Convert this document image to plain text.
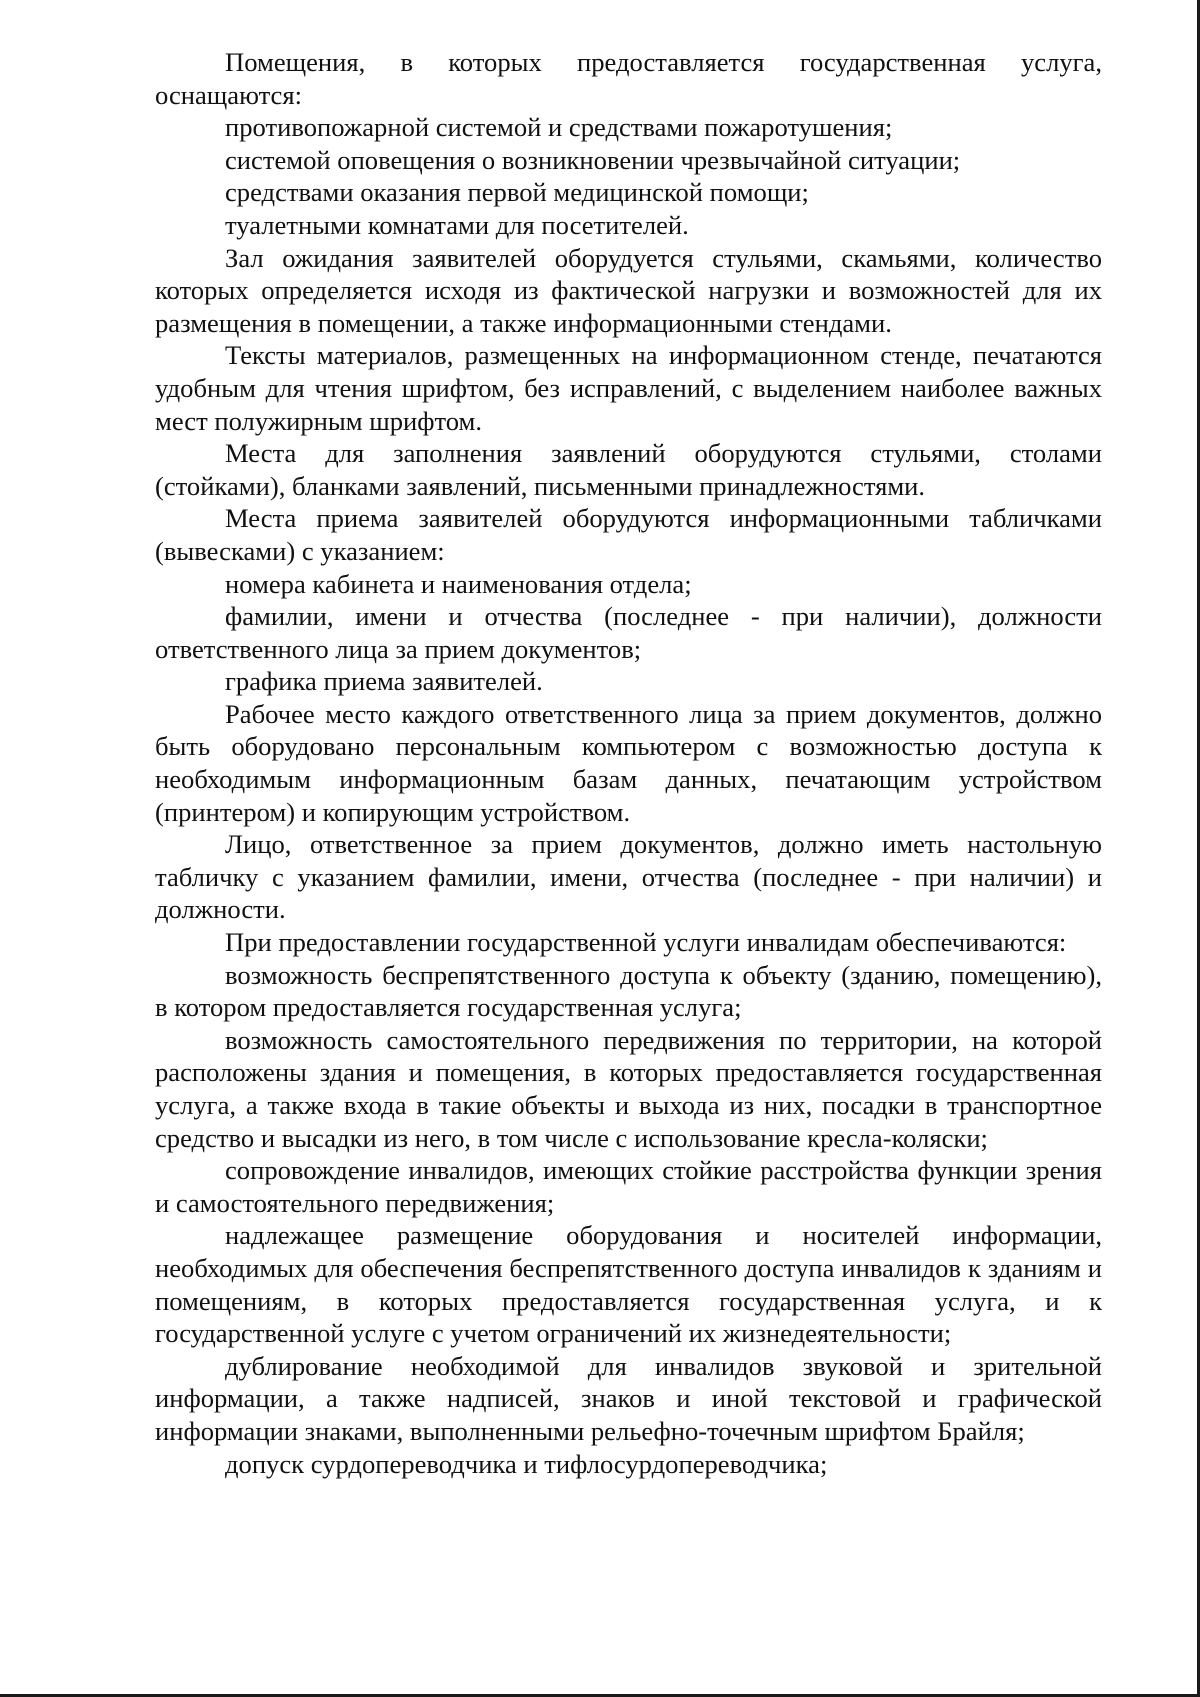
Помещения, в которых предоставляется государственная услуга, оснащаются:

противопожарной системой и средствами пожаротушения;

системой оповещения о возникновении чрезвычайной ситуации;

средствами оказания первой медицинской помощи;

туалетными комнатами для посетителей.

Зал ожидания заявителей оборудуется стульями, скамьями, количество которых определяется исходя из фактической нагрузки и возможностей для их размещения в помещении, а также информационными стендами.

Тексты материалов, размещенных на информационном стенде, печатаются удобным для чтения шрифтом, без исправлений, с выделением наиболее важных мест полужирным шрифтом.

Места для заполнения заявлений оборудуются стульями, столами (стойками), бланками заявлений, письменными принадлежностями.

Места приема заявителей оборудуются информационными табличками (вывесками) с указанием:

номера кабинета и наименования отдела;

фамилии, имени и отчества (последнее - при наличии), должности ответственного лица за прием документов;

графика приема заявителей.

Рабочее место каждого ответственного лица за прием документов, должно быть оборудовано персональным компьютером с возможностью доступа к необходимым информационным базам данных, печатающим устройством (принтером) и копирующим устройством.

Лицо, ответственное за прием документов, должно иметь настольную табличку с указанием фамилии, имени, отчества (последнее - при наличии) и должности.

При предоставлении государственной услуги инвалидам обеспечиваются:

возможность беспрепятственного доступа к объекту (зданию, помещению), в котором предоставляется государственная услуга;

возможность самостоятельного передвижения по территории, на которой расположены здания и помещения, в которых предоставляется государственная услуга, а также входа в такие объекты и выхода из них, посадки в транспортное средство и высадки из него, в том числе с использование кресла-коляски;

сопровождение инвалидов, имеющих стойкие расстройства функции зрения и самостоятельного передвижения;

надлежащее размещение оборудования и носителей информации, необходимых для обеспечения беспрепятственного доступа инвалидов к зданиям и помещениям, в которых предоставляется государственная услуга, и к государственной услуге с учетом ограничений их жизнедеятельности;

дублирование необходимой для инвалидов звуковой и зрительной информации, а также надписей, знаков и иной текстовой и графической информации знаками, выполненными рельефно-точечным шрифтом Брайля;

допуск сурдопереводчика и тифлосурдопереводчика;
